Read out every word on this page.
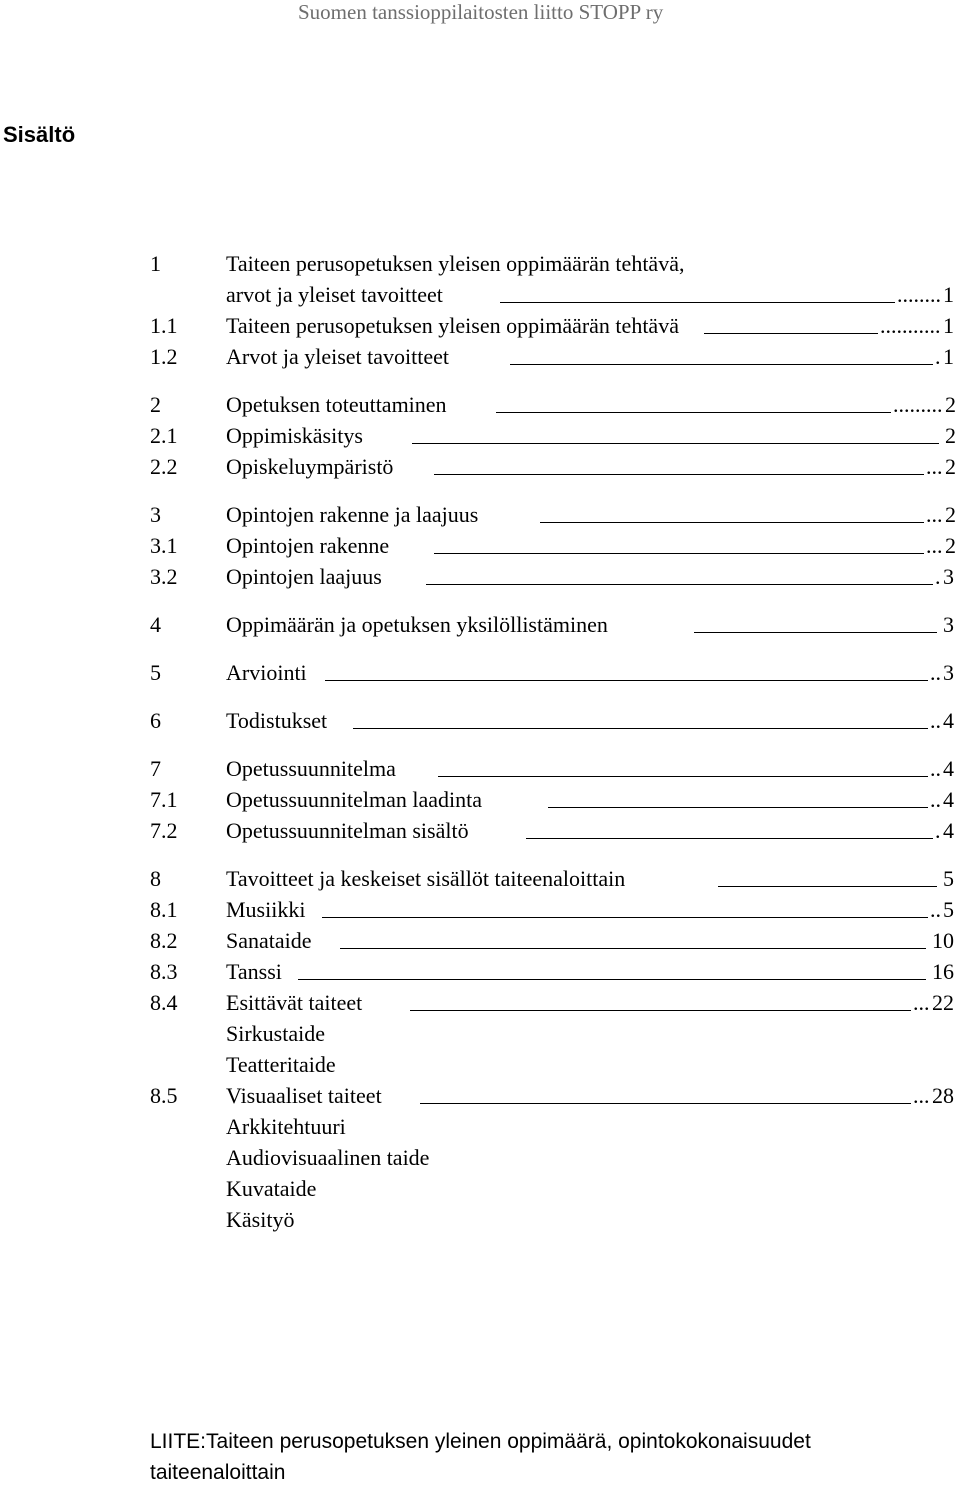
Suomen tanssioppilaitosten liitto STOPP ry
Sisältö
1	Taiteen perusopetuksen yleisen oppimäärän tehtävä,
arvot ja yleiset tavoitteet	........ 1
1.1 Taiteen perusopetuksen yleisen oppimäärän tehtävä	........... 1
1.2 Arvot ja yleiset tavoitteet	. 1
2	Opetuksen toteuttaminen	......... 2
2.1 Oppimiskäsitys	2
2.2 Opiskeluympäristö	... 2
3	Opintojen rakenne ja laajuus	... 2
3.1 Opintojen rakenne	... 2
3.2 Opintojen laajuus	. 3
4	Oppimäärän ja opetuksen yksilöllistäminen	3
5	Arviointi	.. 3
6	Todistukset	.. 4
7	Opetussuunnitelma	.. 4
7.1 Opetussuunnitelman laadinta	.. 4
7.2 Opetussuunnitelman sisältö	. 4
8	Tavoitteet ja keskeiset sisällöt taiteenaloittain	5
8.1 Musiikki	.. 5
8.2 Sanataide	10
8.3 Tanssi	16
8.4 Esittävät taiteet	... 22
Sirkustaide
Teatteritaide
8.5 Visuaaliset taiteet	... 28
Arkkitehtuuri
Audiovisuaalinen taide
Kuvataide
Käsityö
LIITE:Taiteen perusopetuksen yleinen oppimäärä, opintokokonaisuudet taiteenaloittain
